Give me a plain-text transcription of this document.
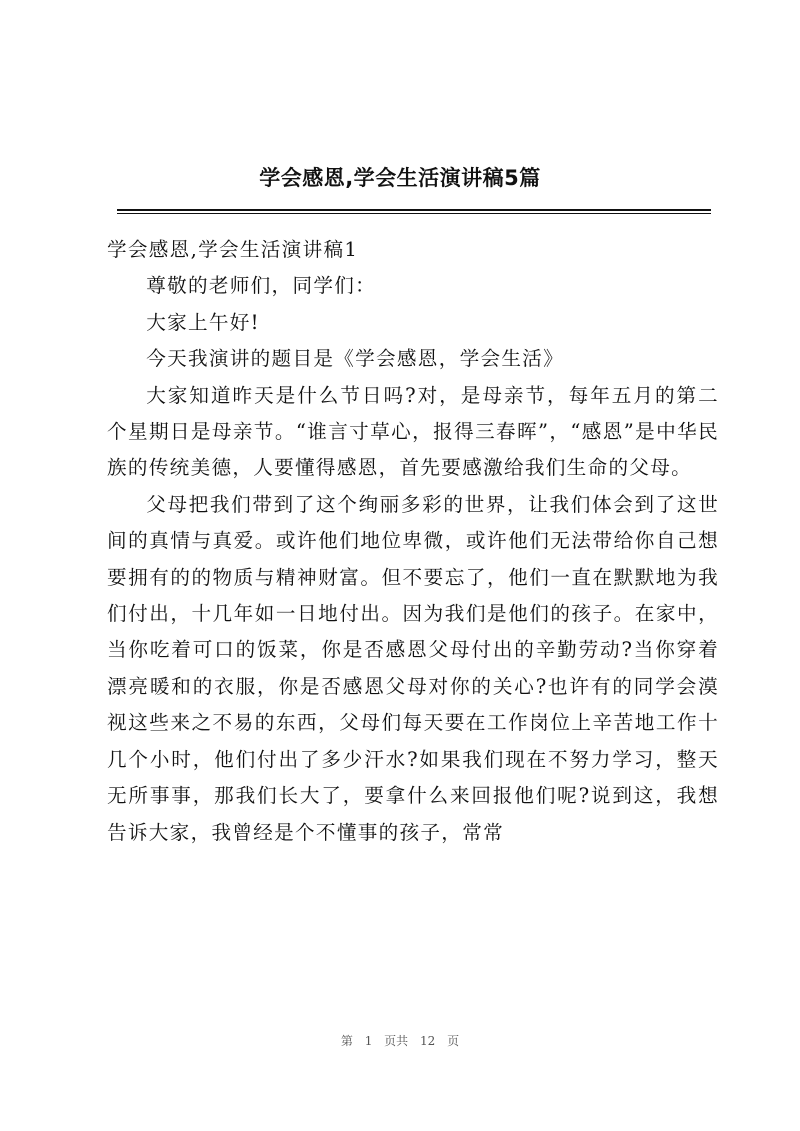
学会感恩,学会生活演讲稿5篇

学会感恩,学会生活演讲稿1

尊敬的老师们，同学们：

大家上午好!

今天我演讲的题目是《学会感恩，学会生活》

大家知道昨天是什么节日吗?对，是母亲节，每年五月的第二个星期日是母亲节。“谁言寸草心，报得三春晖”，“感恩”是中华民族的传统美德，人要懂得感恩，首先要感激给我们生命的父母。

父母把我们带到了这个绚丽多彩的世界，让我们体会到了这世间的真情与真爱。或许他们地位卑微，或许他们无法带给你自己想要拥有的的物质与精神财富。但不要忘了，他们一直在默默地为我们付出，十几年如一日地付出。因为我们是他们的孩子。在家中，当你吃着可口的饭菜，你是否感恩父母付出的辛勤劳动?当你穿着漂亮暖和的衣服，你是否感恩父母对你的关心?也许有的同学会漠视这些来之不易的东西，父母们每天要在工作岗位上辛苦地工作十几个小时，他们付出了多少汗水?如果我们现在不努力学习，整天无所事事，那我们长大了，要拿什么来回报他们呢?说到这，我想告诉大家，我曾经是个不懂事的孩子，常常

第 1 页共 12 页
